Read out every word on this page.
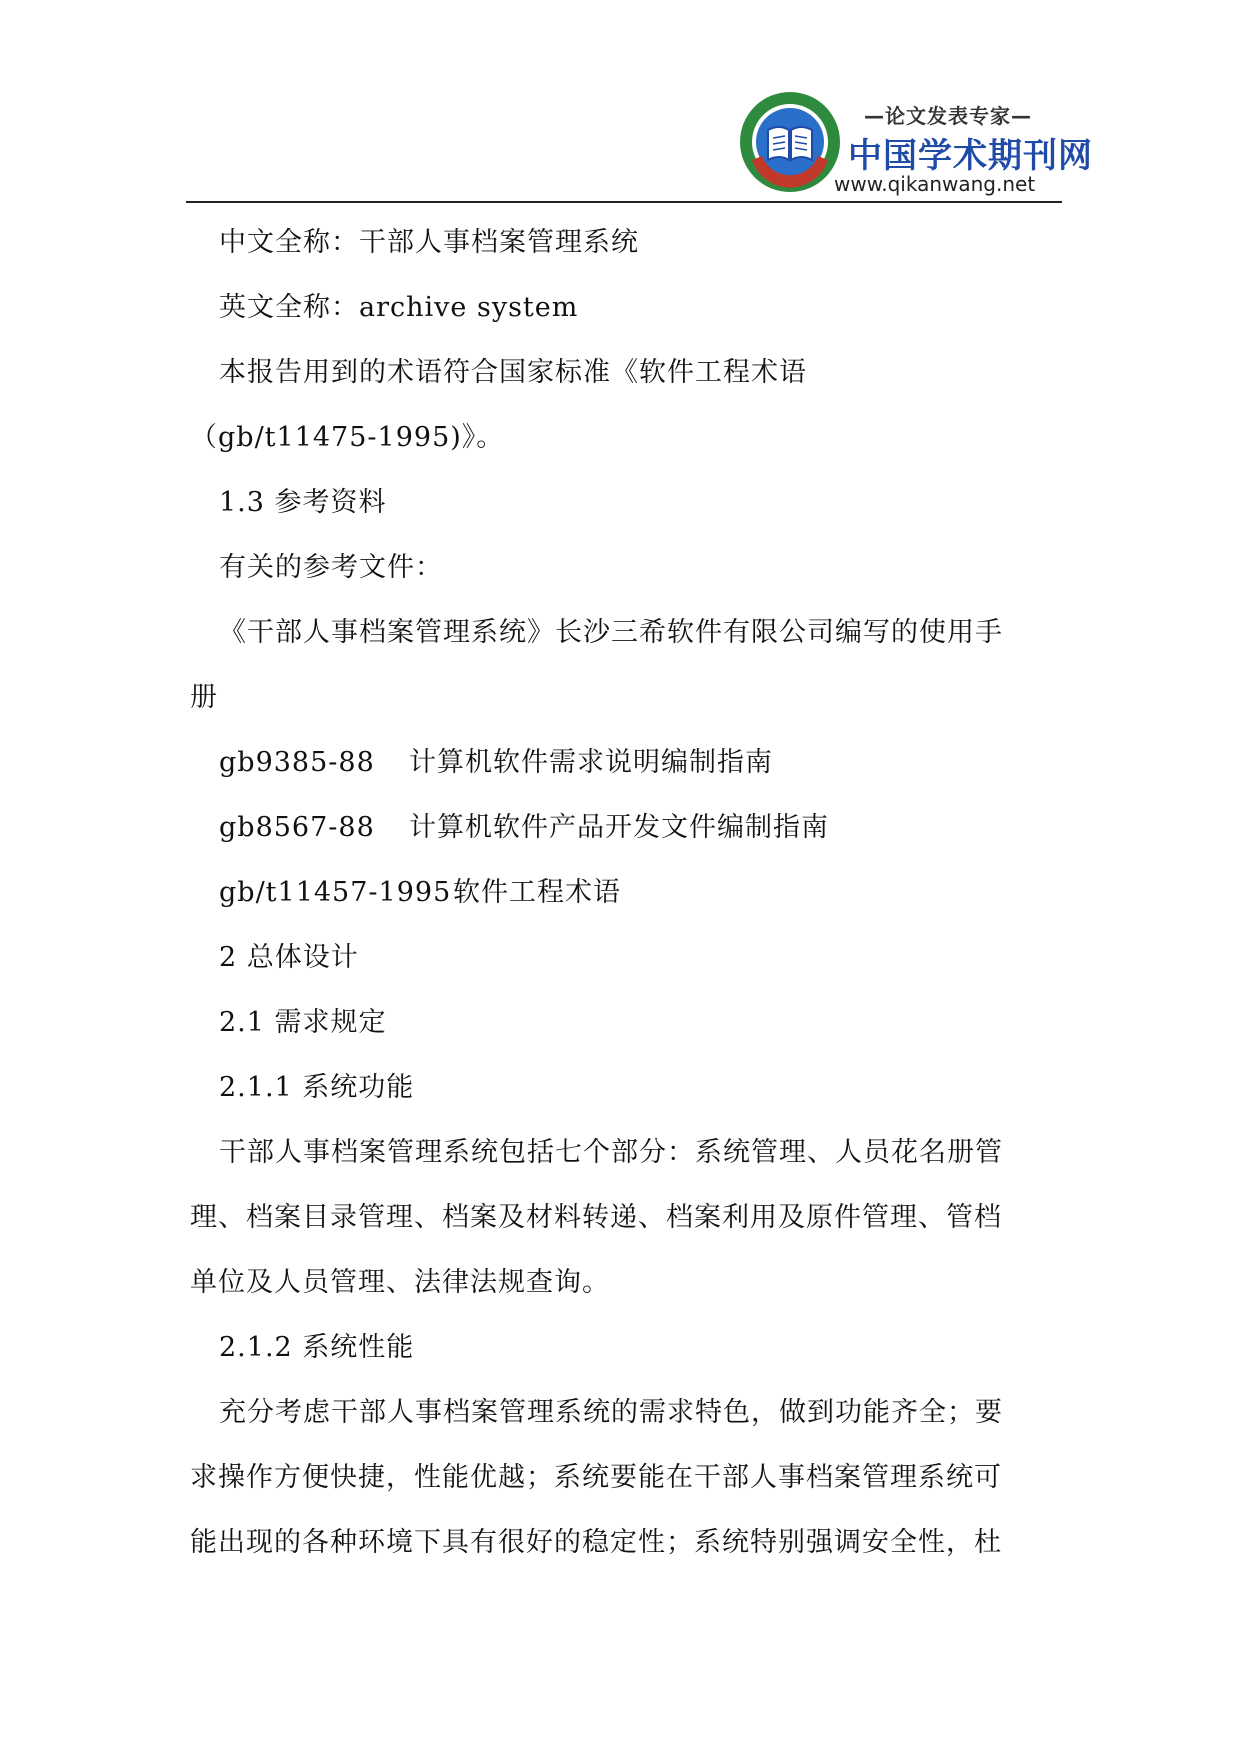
—论文发表专家—
中国学术期刊网
www.qikanwang.net
中文全称：干部人事档案管理系统
英文全称：archive system
本报告用到的术语符合国家标准《软件工程术语
（gb/t11475-1995)》。
1.3 参考资料
有关的参考文件：
《干部人事档案管理系统》长沙三希软件有限公司编写的使用手
册
gb9385-88 计算机软件需求说明编制指南
gb8567-88 计算机软件产品开发文件编制指南
gb/t11457-1995软件工程术语
2 总体设计
2.1 需求规定
2.1.1 系统功能
干部人事档案管理系统包括七个部分：系统管理、人员花名册管
理、档案目录管理、档案及材料转递、档案利用及原件管理、管档
单位及人员管理、法律法规查询。
2.1.2 系统性能
充分考虑干部人事档案管理系统的需求特色，做到功能齐全；要
求操作方便快捷，性能优越；系统要能在干部人事档案管理系统可
能出现的各种环境下具有很好的稳定性；系统特别强调安全性，杜
